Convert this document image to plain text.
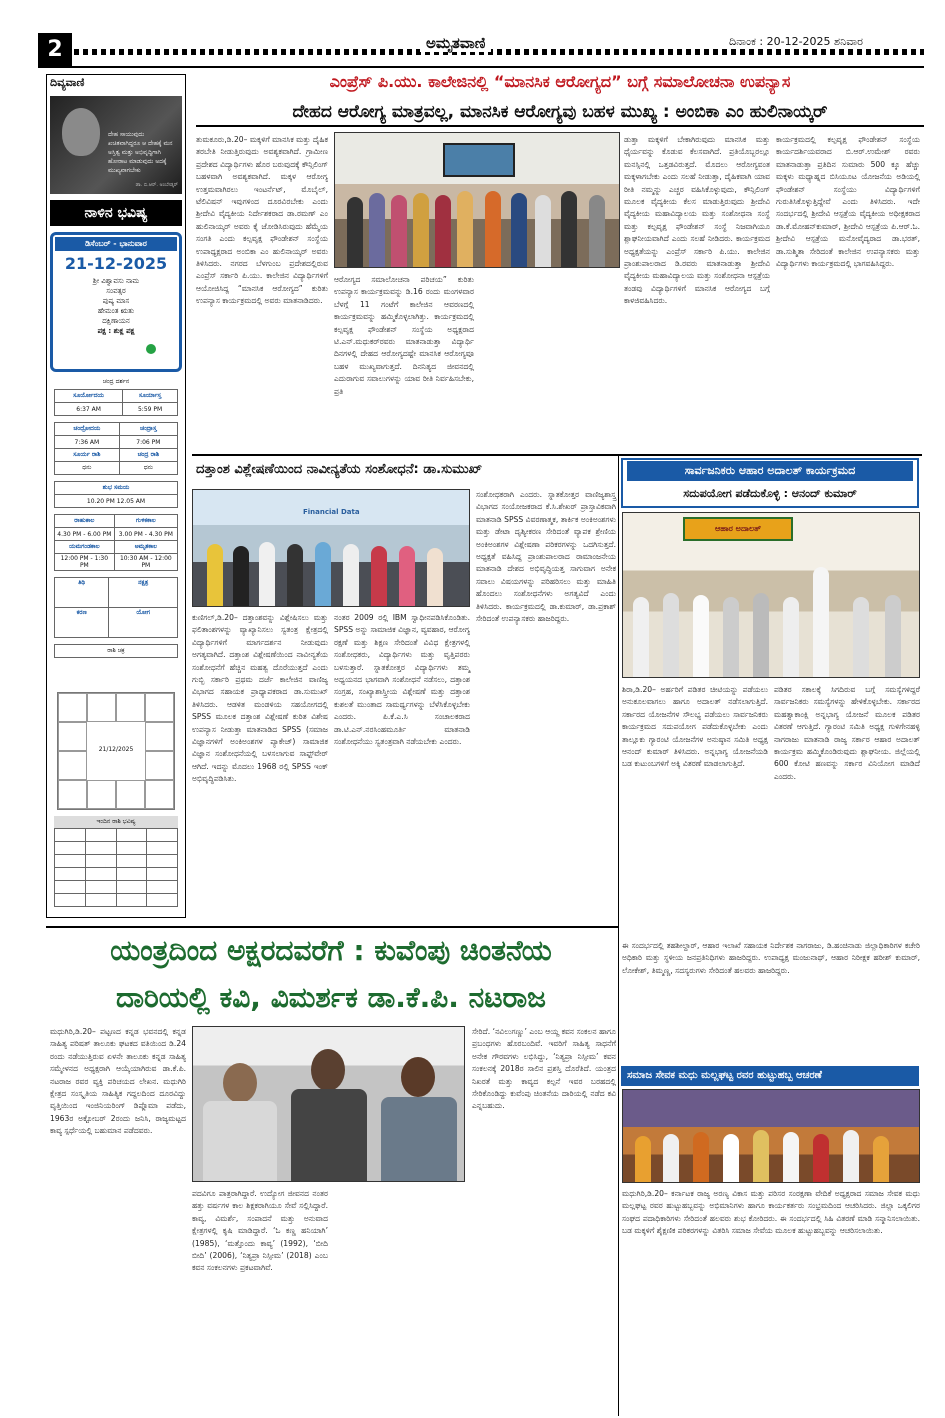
2	ಅಮೃತವಾಣಿ	ದಿನಾಂಕ : 20-12-2025 ಶನಿವಾರ
ದಿವ್ಯವಾಣಿ
ದೇಹ ಸಾಯುವುದು ಖಚಿತವಾಗಿದ್ದರೂ ಆ ದೇಹಕ್ಕೆ ಮನ ಅಸ್ತಿತ್ವ ಮತ್ತು ಅಭಿವೃದ್ಧಿಗಾಗಿ ಹೋರಾಟ ಮಾಡುವುದು ಅದಕ್ಕೆ ಮುಖ್ಯವಾಗಬೇಕು
ಡಾ. ಬಿ.ಆರ್. ಅಂಬೇಡ್ಕರ್
ನಾಳಿನ ಭವಿಷ್ಯ
ಡಿಸೆಂಬರ್ - ಭಾನುವಾರ
21-12-2025
ಶ್ರೀ ವಿಶ್ವಾವಸು ನಾಮ
ಸಂವತ್ಸರ
ಪುಷ್ಯ ಮಾಸ
ಹೇಮಂತ ಋತು
ದಕ್ಷಿಣಾಯನ
ಪಕ್ಷ : ಶುಕ್ಲ ಪಕ್ಷ
ಚಂದ್ರ ದರ್ಶನ
ಸೂರ್ಯೋದಯ	ಸೂರ್ಯಾಸ್ತ
6:37 AM	5:59 PM
ಚಂದ್ರೋದಯ	ಚಂದ್ರಾಸ್ತ
7:36 AM	7:06 PM
ಸೂರ್ಯ ರಾಶಿ	ಚಂದ್ರ ರಾಶಿ
ಧನು	ಧನು
ಶುಭ ಸಮಯ
10.20 PM 12.05 AM
ರಾಹುಕಾಲ	ಗುಳಿಕಕಾಲ
4.30 PM - 6.00 PM	3.00 PM - 4.30 PM
ಯಮಗಂಡಕಾಲ	ಅಮೃತಕಾಲ
12:00 PM - 1:30 PM	10:30 AM - 12:00 PM
ತಿಥಿ	ನಕ್ಷತ್ರ
ಕರಣ	ಯೋಗ
ರಾಶಿ ಚಕ್ರ
21/12/2025
ಇಂದಿನ ರಾಶಿ ಭವಿಷ್ಯ

ಎಂಪ್ರೆಸ್ ಪಿ.ಯು. ಕಾಲೇಜಿನಲ್ಲಿ “ಮಾನಸಿಕ ಆರೋಗ್ಯದ” ಬಗ್ಗೆ ಸಮಾಲೋಚನಾ ಉಪನ್ಯಾಸ
ದೇಹದ ಆರೋಗ್ಯ ಮಾತ್ರವಲ್ಲ, ಮಾನಸಿಕ ಆರೋಗ್ಯವು ಬಹಳ ಮುಖ್ಯ : ಅಂಬಿಕಾ ಎಂ ಹುಲಿನಾಯ್ಕರ್
ತುಮಕೂರು,ಡಿ.20– ಮಕ್ಕಳಿಗೆ ಮಾನಸಿಕ ಮತ್ತು ದೈಹಿಕ ತರಬೇತಿ ನೀಡುತ್ತಿರುವುದು ಅವಶ್ಯಕವಾಗಿದೆ. ಗ್ರಾಮೀಣ ಪ್ರದೇಶದ ವಿದ್ಯಾರ್ಥಿಗಳು ಹೊರ ಬರುವುದಕ್ಕೆ ಕೌನ್ಸಿಲಿಂಗ್ ಬಹಳವಾಗಿ ಅವಶ್ಯಕವಾಗಿದೆ. ಮಕ್ಕಳ ಆರೋಗ್ಯ ಉತ್ತಮವಾಗಿರಲು ಇಂಟರ್ನೆಟ್, ಮೊಬೈಲ್, ಟೆಲಿವಿಷನ್ ಇವುಗಳಿಂದ ದೂರವಿರಬೇಕು ಎಂದು ಶ್ರೀದೇವಿ ವೈದ್ಯಕೀಯ ನಿರ್ದೇಶಕರಾದ ಡಾ.ರಮಣ್ ಎಂ ಹುಲಿನಾಯ್ಕರ್ ಅವರು ಕೈ ಜೋಡಿಸಿರುವುದು ಹೆಮ್ಮೆಯ ಸಂಗತಿ ಎಂದು ಕಲ್ಪವೃಕ್ಷ ಫೌಂಡೇಶನ್ ಸಂಸ್ಥೆಯ ಉಪಾಧ್ಯಕ್ಷರಾದ ಅಂಬಿಕಾ ಎಂ ಹುಲಿನಾಯ್ಕರ್ ಅವರು ತಿಳಿಸಿದರು. ನಗರದ ಬೆಳಗುಂಬ ಪ್ರದೇಶದಲ್ಲಿರುವ ಎಂಪ್ರೆಸ್ ಸರ್ಕಾರಿ ಪಿ.ಯು. ಕಾಲೇಜಿನ ವಿದ್ಯಾರ್ಥಿಗಳಿಗೆ ಆಯೋಜಿಸಿದ್ದ “ಮಾನಸಿಕ ಆರೋಗ್ಯದ” ಕುರಿತು ಉಪನ್ಯಾಸ ಕಾರ್ಯಕ್ರಮದಲ್ಲಿ ಅವರು ಮಾತನಾಡಿದರು.
ಆರೋಗ್ಯದ ಸಮಾಲೋಚನಾ ಪರಿಚಯ” ಕುರಿತು ಉಪನ್ಯಾಸ ಕಾರ್ಯಕ್ರಮವನ್ನು ಡಿ.16 ರಂದು ಮಂಗಳವಾರ ಬೆಳಗ್ಗೆ 11 ಗಂಟೆಗೆ ಕಾಲೇಜಿನ ಆವರಣದಲ್ಲಿ ಕಾರ್ಯಕ್ರಮವನ್ನು ಹಮ್ಮಿಕೊಳ್ಳಲಾಗಿತ್ತು. ಕಾರ್ಯಕ್ರಮದಲ್ಲಿ ಕಲ್ಪವೃಕ್ಷ ಫೌಂಡೇಶನ್ ಸಂಸ್ಥೆಯ ಅಧ್ಯಕ್ಷರಾದ ಟಿ.ಎನ್.ಮಧುಕರ್‌ರವರು ಮಾತನಾಡುತ್ತಾ ವಿದ್ಯಾರ್ಥಿ ದಿನಗಳಲ್ಲಿ ದೇಹದ ಆರೋಗ್ಯದಷ್ಟೇ ಮಾನಸಿಕ ಆರೋಗ್ಯವೂ ಬಹಳ ಮುಖ್ಯವಾಗುತ್ತದೆ. ದಿನನಿತ್ಯದ ಜೀವನದಲ್ಲಿ ಎದುರಾಗುವ ಸವಾಲುಗಳನ್ನು ಯಾವ ರೀತಿ ನಿರ್ವಹಿಸಬೇಕು, ಪ್ರತಿ
ಡುತ್ತಾ ಮಕ್ಕಳಿಗೆ ಬೇಕಾಗಿರುವುದು ಮಾನಸಿಕ ಮತ್ತು ಧೈರ್ಯವನ್ನು ಕೊಡುವ ಕೆಲಸವಾಗಿದೆ. ಪ್ರತಿಯೊಬ್ಬರಲ್ಲೂ ಮನಸ್ಸಿನಲ್ಲಿ ಒತ್ತಡವಿರುತ್ತದೆ. ಮೊದಲು ಆರೋಗ್ಯವಂತ ಮಕ್ಕಳಾಗಬೇಕು ಎಂದು ಸಲಹೆ ನೀಡುತ್ತಾ, ದೈಹಿಕವಾಗಿ ಯಾವ ರೀತಿ ನಮ್ಮನ್ನು ಎಚ್ಚರ ವಹಿಸಿಕೊಳ್ಳುವುದು, ಕೌನ್ಸಿಲಿಂಗ್ ಮೂಲಕ ವೈದ್ಯಕೀಯ ಕೆಲಸ ಮಾಡುತ್ತಿರುವುದು ಶ್ರೀದೇವಿ ವೈದ್ಯಕೀಯ ಮಹಾವಿದ್ಯಾಲಯ ಮತ್ತು ಸಂಶೋಧನಾ ಸಂಸ್ಥೆ ಮತ್ತು ಕಲ್ಪವೃಕ್ಷ ಫೌಂಡೇಶನ್ ಸಂಸ್ಥೆ ನಿಜವಾಗಿಯೂ ಶ್ಲಾಘನೀಯವಾಗಿದೆ ಎಂದು ಸಲಹೆ ನೀಡಿದರು. ಕಾರ್ಯಕ್ರಮದ ಅಧ್ಯಕ್ಷತೆಯನ್ನು ಎಂಪ್ರೆಸ್ ಸರ್ಕಾರಿ ಪಿ.ಯು. ಕಾಲೇಜಿನ ಪ್ರಾಂಶುಪಾಲರಾದ ಡಿ.ರವರು ಮಾತನಾಡುತ್ತಾ ಶ್ರೀದೇವಿ ವೈದ್ಯಕೀಯ ಮಹಾವಿದ್ಯಾಲಯ ಮತ್ತು ಸಂಶೋಧನಾ ಆಸ್ಪತ್ರೆಯ ತಂಡವು ವಿದ್ಯಾರ್ಥಿಗಳಿಗೆ ಮಾನಸಿಕ ಆರೋಗ್ಯದ ಬಗ್ಗೆ ಕಾಳಜಿವಹಿಸಿದರು.
ಕಾರ್ಯಕ್ರಮದಲ್ಲಿ ಕಲ್ಪವೃಕ್ಷ ಫೌಂಡೇಶನ್ ಸಂಸ್ಥೆಯ ಕಾರ್ಯದರ್ಶಿಯವರಾದ ಬಿ.ಆರ್.ಉಮೇಶ್ ರವರು ಮಾತನಾಡುತ್ತಾ ಪ್ರತಿದಿನ ಸುಮಾರು 500 ಕ್ಕೂ ಹೆಚ್ಚು ಮಕ್ಕಳು ಮಧ್ಯಾಹ್ನದ ಬಿಸಿಯೂಟ ಯೋಜನೆಯ ಅಡಿಯಲ್ಲಿ ಫೌಂಡೇಶನ್ ಸಂಸ್ಥೆಯು ವಿದ್ಯಾರ್ಥಿಗಳಿಗೆ ಗುರುತಿಸಿಕೊಳ್ಳುತ್ತಿದ್ದೇವೆ ಎಂದು ತಿಳಿಸಿದರು. ಇದೇ ಸಂದರ್ಭದಲ್ಲಿ ಶ್ರೀದೇವಿ ಆಸ್ಪತ್ರೆಯ ವೈದ್ಯಕೀಯ ಅಧೀಕ್ಷಕರಾದ ಡಾ.ಕೆ.ಮೋಹನ್‌ಕುಮಾರ್, ಶ್ರೀದೇವಿ ಆಸ್ಪತ್ರೆಯ ಪಿ.ಆರ್.ಓ. ಶ್ರೀದೇವಿ ಆಸ್ಪತ್ರೆಯ ಮನೋವೈದ್ಯರಾದ ಡಾ.ಭರತ್, ಡಾ.ಸುಶ್ಮಿತಾ ಸೇರಿದಂತೆ ಕಾಲೇಜಿನ ಉಪನ್ಯಾಸಕರು ಮತ್ತು ವಿದ್ಯಾರ್ಥಿಗಳು ಕಾರ್ಯಕ್ರಮದಲ್ಲಿ ಭಾಗವಹಿಸಿದ್ದರು.
ದತ್ತಾಂಶ ವಿಶ್ಲೇಷಣೆಯಿಂದ ನಾವೀನ್ಯತೆಯ ಸಂಶೋಧನೆ: ಡಾ.ಸುಮುಖ್
Financial Data
ಸಂಶೋಧಕರಾಗಿ ಎಂದರು. ಸ್ನಾತಕೋತ್ತರ ವಾಣಿಜ್ಯಶಾಸ್ತ್ರ ವಿಭಾಗದ ಸಂಯೋಜಕರಾದ ಕೆ.ಸಿ.ಶೇಖರ್ ಪ್ರಾಸ್ತಾವಿಕವಾಗಿ ಮಾತನಾಡಿ SPSS ವಿವರಣಾತ್ಮಕ, ತಾರ್ಕಿಕ ಅಂಕಿಅಂಶಗಳು ಮತ್ತು ಡೇಟಾ ದೃಶ್ಯೀಕರಣ ಸೇರಿದಂತೆ ವ್ಯಾಪಕ ಶ್ರೇಣಿಯ ಅಂಕಿಅಂಶಗಳ ವಿಶ್ಲೇಷಣಾ ಪರಿಕರಗಳನ್ನು ಒದಗಿಸುತ್ತದೆ. ಅಧ್ಯಕ್ಷತೆ ವಹಿಸಿದ್ದ ಪ್ರಾಂಶುಪಾಲರಾದ ರಾಮಾಂಜನೇಯ ಮಾತನಾಡಿ ದೇಶದ ಅಭಿವೃದ್ಧಿಯತ್ತ ಸಾಗುವಾಗ ಅನೇಕ ಸವಾಲು ವಿಷಯಗಳನ್ನು ಪರಿಹರಿಸಲು ಮತ್ತು ಮಾಹಿತಿ ಹೊಂದಲು ಸಂಶೋಧನೆಗಳು ಅಗತ್ಯವಿದೆ ಎಂದು ತಿಳಿಸಿದರು. ಕಾರ್ಯಕ್ರಮದಲ್ಲಿ ಡಾ.ಕುಮಾರ್, ಡಾ.ಪ್ರಕಾಶ್ ಸೇರಿದಂತೆ ಉಪನ್ಯಾಸಕರು ಹಾಜರಿದ್ದರು.
ಕುಣಿಗಲ್,ಡಿ.20– ದತ್ತಾಂಶವನ್ನು ವಿಶ್ಲೇಷಿಸಲು ಮತ್ತು ಫಲಿತಾಂಶಗಳನ್ನು ವ್ಯಾಖ್ಯಾನಿಸಲು ಸ್ವತಂತ್ರ ಕ್ಷೇತ್ರದಲ್ಲಿ ವಿದ್ಯಾರ್ಥಿಗಳಿಗೆ ಮಾರ್ಗದರ್ಶನ ನೀಡುವುದು ಅಗತ್ಯವಾಗಿದೆ. ದತ್ತಾಂಶ ವಿಶ್ಲೇಷಣೆಯಿಂದ ನಾವೀನ್ಯತೆಯ ಸಂಶೋಧನೆಗೆ ಹೆಚ್ಚಿನ ಮಹತ್ವ ದೊರೆಯುತ್ತದೆ ಎಂದು ಗುಬ್ಬಿ ಸರ್ಕಾರಿ ಪ್ರಥಮ ದರ್ಜೆ ಕಾಲೇಜಿನ ವಾಣಿಜ್ಯ ವಿಭಾಗದ ಸಹಾಯಕ ಪ್ರಾಧ್ಯಾಪಕರಾದ ಡಾ.ಸುಮುಖ್ ತಿಳಿಸಿದರು. ಆಡಳಿತ ಮಂಡಳಿಯ ಸಹಯೋಗದಲ್ಲಿ SPSS ಮೂಲಕ ದತ್ತಾಂಶ ವಿಶ್ಲೇಷಣೆ ಕುರಿತ ವಿಶೇಷ ಉಪನ್ಯಾಸ ನೀಡುತ್ತಾ ಮಾತನಾಡಿದ SPSS (ಸಮಾಜ ವಿಜ್ಞಾನಗಳಿಗೆ ಅಂಕಿಅಂಶಗಳ ಪ್ಯಾಕೇಜ್) ಸಾಮಾಜಿಕ ವಿಜ್ಞಾನ ಸಂಶೋಧನೆಯಲ್ಲಿ ಬಳಸಲಾಗುವ ಸಾಫ್ಟ್‌ವೇರ್ ಆಗಿದೆ. ಇದನ್ನು ಮೊದಲು 1968 ರಲ್ಲಿ SPSS ಇಂಕ್ ಅಭಿವೃದ್ಧಿಪಡಿಸಿತು.
ನಂತರ 2009 ರಲ್ಲಿ IBM ಸ್ವಾಧೀನಪಡಿಸಿಕೊಂಡಿತು. SPSS ಅನ್ನು ಸಾಮಾಜಿಕ ವಿಜ್ಞಾನ, ವ್ಯವಹಾರ, ಆರೋಗ್ಯ ರಕ್ಷಣೆ ಮತ್ತು ಶಿಕ್ಷಣ ಸೇರಿದಂತೆ ವಿವಿಧ ಕ್ಷೇತ್ರಗಳಲ್ಲಿ ಸಂಶೋಧಕರು, ವಿದ್ಯಾರ್ಥಿಗಳು ಮತ್ತು ವೃತ್ತಿಪರರು ಬಳಸುತ್ತಾರೆ. ಸ್ನಾತಕೋತ್ತರ ವಿದ್ಯಾರ್ಥಿಗಳು ತಮ್ಮ ಅಧ್ಯಯನದ ಭಾಗವಾಗಿ ಸಂಶೋಧನೆ ನಡೆಸಲು, ದತ್ತಾಂಶ ಸಂಗ್ರಹ, ಸಂಖ್ಯಾಶಾಸ್ತ್ರೀಯ ವಿಶ್ಲೇಷಣೆ ಮತ್ತು ದತ್ತಾಂಶ ಕುಶಲತೆ ಮುಂತಾದ ಸಾಮರ್ಥ್ಯಗಳನ್ನು ಬೆಳೆಸಿಕೊಳ್ಳಬೇಕು ಎಂದರು. ಪಿ.ಕೆ.ಎ.ಸಿ ಸಂಚಾಲಕರಾದ ಡಾ.ಟಿ.ಎನ್.ನರಸಿಂಹಮೂರ್ತಿ ಮಾತನಾಡಿ ಸಂಶೋಧನೆಯು ಸ್ವತಂತ್ರವಾಗಿ ನಡೆಯಬೇಕು ಎಂದರು.
ಸಾರ್ವಜನಿಕರು ಆಹಾರ ಅದಾಲತ್ ಕಾರ್ಯಕ್ರಮದ
ಸದುಪಯೋಗ ಪಡೆದುಕೊಳ್ಳಿ : ಆನಂದ್ ಕುಮಾರ್
ಆಹಾರ ಅದಾಲತ್
ಶಿರಾ,ಡಿ.20– ಅರ್ಹರಿಗೆ ಪಡಿತರ ಚೀಟಿಯನ್ನು ಪಡೆಯಲು ಅನುಕೂಲವಾಗಲು ಹಾಗೂ ಅದಾಲತ್ ನಡೆಸಲಾಗುತ್ತಿದೆ. ಸರ್ಕಾರದ ಯೋಜನೆಗಳ ಸೌಲಭ್ಯ ಪಡೆಯಲು ಸಾರ್ವಜನಿಕರು ಕಾರ್ಯಕ್ರಮದ ಸದುಪಯೋಗ ಪಡೆದುಕೊಳ್ಳಬೇಕು ಎಂದು ತಾಲ್ಲೂಕು ಗ್ಯಾರಂಟಿ ಯೋಜನೆಗಳ ಅನುಷ್ಠಾನ ಸಮಿತಿ ಅಧ್ಯಕ್ಷ ಆನಂದ್ ಕುಮಾರ್ ತಿಳಿಸಿದರು. ಅನ್ನಭಾಗ್ಯ ಯೋಜನೆಯಡಿ ಬಡ ಕುಟುಂಬಗಳಿಗೆ ಅಕ್ಕಿ ವಿತರಣೆ ಮಾಡಲಾಗುತ್ತಿದೆ.
ಪಡಿತರ ಸಕಾಲಕ್ಕೆ ಸಿಗದಿರುವ ಬಗ್ಗೆ ಸಮಸ್ಯೆಗಳಿದ್ದರೆ ಸಾರ್ವಜನಿಕರು ಸಮಸ್ಯೆಗಳನ್ನು ಹೇಳಿಕೊಳ್ಳಬೇಕು. ಸರ್ಕಾರದ ಮಹತ್ವಾಕಾಂಕ್ಷಿ ಅನ್ನಭಾಗ್ಯ ಯೋಜನೆ ಮೂಲಕ ಪಡಿತರ ವಿತರಣೆ ಆಗುತ್ತಿದೆ. ಗ್ಯಾರಂಟಿ ಸಮಿತಿ ಅಧ್ಯಕ್ಷ ಗುಳಿಗೇನಹಳ್ಳಿ ನಾಗರಾಜು ಮಾತನಾಡಿ ರಾಜ್ಯ ಸರ್ಕಾರ ಆಹಾರ ಅದಾಲತ್ ಕಾರ್ಯಕ್ರಮ ಹಮ್ಮಿಕೊಂಡಿರುವುದು ಶ್ಲಾಘನೀಯ. ಜಿಲ್ಲೆಯಲ್ಲಿ 600 ಕೋಟಿ ಹಣವನ್ನು ಸರ್ಕಾರ ವಿನಿಯೋಗ ಮಾಡಿದೆ ಎಂದರು.
ಈ ಸಂದರ್ಭದಲ್ಲಿ ತಹಶೀಲ್ದಾರ್, ಆಹಾರ ಇಲಾಖೆ ಸಹಾಯಕ ನಿರ್ದೇಶಕ ನಾಗರಾಜು, ಡಿ.ಹಂಚಿನಾಡು ಜಿಲ್ಲಾಧಿಕಾರಿಗಳ ಕಚೇರಿ ಅಧಿಕಾರಿ ಮತ್ತು ಸ್ಥಳೀಯ ಜನಪ್ರತಿನಿಧಿಗಳು ಹಾಜರಿದ್ದರು. ಉಪಾಧ್ಯಕ್ಷ ಮಂಜುನಾಥ್, ಆಹಾರ ನಿರೀಕ್ಷಕ ಹರೀಶ್ ಕುಮಾರ್, ಲೋಕೇಶ್, ತಿಮ್ಮಣ್ಣ, ಸದಸ್ಯರುಗಳು ಸೇರಿದಂತೆ ಹಲವರು ಹಾಜರಿದ್ದರು.
ಯಂತ್ರದಿಂದ ಅಕ್ಷರದವರೆಗೆ : ಕುವೆಂಪು ಚಿಂತನೆಯ
ದಾರಿಯಲ್ಲಿ ಕವಿ, ವಿಮರ್ಶಕ ಡಾ.ಕೆ.ಪಿ. ನಟರಾಜ
ಮಧುಗಿರಿ,ಡಿ.20– ಪಟ್ಟಣದ ಕನ್ನಡ ಭವನದಲ್ಲಿ ಕನ್ನಡ ಸಾಹಿತ್ಯ ಪರಿಷತ್ ತಾಲೂಕು ಘಟಕದ ವತಿಯಿಂದ ಡಿ.24 ರಂದು ನಡೆಯುತ್ತಿರುವ ಏಳನೇ ತಾಲೂಕು ಕನ್ನಡ ಸಾಹಿತ್ಯ ಸಮ್ಮೇಳನದ ಅಧ್ಯಕ್ಷರಾಗಿ ಆಯ್ಕೆಯಾಗಿರುವ ಡಾ.ಕೆ.ಪಿ. ನಟರಾಜ ರವರ ವ್ಯಕ್ತಿ ಪರಿಚಯದ ಲೇಖನ. ಮಧುಗಿರಿ ಕ್ಷೇತ್ರದ ಸಂಸ್ಕೃತಿಯ ಸಾಹಿತ್ಯಿಕ ಗದ್ದಲದಿಂದ ದೂರವಿದ್ದು ವೃತ್ತಿಯಿಂದ ಇಂಜಿನಿಯರಿಂಗ್ ಡಿಪ್ಲೊಮಾ ಪಡೆದು, 1963ರ ಅಕ್ಟೋಬರ್ 2ರಂದು ಜನಿಸಿ, ರಾಜ್ಯಮಟ್ಟದ ಕಾವ್ಯ ಸ್ಪರ್ಧೆಯಲ್ಲಿ ಬಹುಮಾನ ಪಡೆದವರು.
ಪದವಿಗೂ ಪಾತ್ರರಾಗಿದ್ದಾರೆ. ಉದ್ಯೋಗ ಜೀವನದ ನಂತರ ಹತ್ತು ವರ್ಷಗಳ ಕಾಲ ಶಿಕ್ಷಕರಾಗಿಯೂ ಸೇವೆ ಸಲ್ಲಿಸಿದ್ದಾರೆ. ಕಾವ್ಯ, ವಿಮರ್ಶೆ, ಸಂಪಾದನೆ ಮತ್ತು ಅನುವಾದ ಕ್ಷೇತ್ರಗಳಲ್ಲಿ ಕೃಷಿ ಮಾಡಿದ್ದಾರೆ. ‘ಓ ಕಣ್ಣ ಹನಿಯಾಗಿ’ (1985), ‘ಮತ್ತೊಂದು ಕಾವ್ಯ’ (1992), ‘ಬೀದಿ ಬೀದಿ’ (2006), ‘ನಿತ್ಯಪ್ರಾ ನಿಸ್ಸೀಮ’ (2018) ಎಂಬ ಕವನ ಸಂಕಲನಗಳು ಪ್ರಕಟವಾಗಿವೆ.
ಸೇರಿದೆ. ‘ನವಿಲುಗಣ್ಣು’ ಎಂಬ ಆಯ್ದ ಕವನ ಸಂಕಲನ ಹಾಗೂ ಪ್ರಬಂಧಗಳು ಹೊರಬಂದಿವೆ. ಇವರಿಗೆ ಸಾಹಿತ್ಯ ಸಾಧನೆಗೆ ಅನೇಕ ಗೌರವಗಳು ಲಭಿಸಿದ್ದು, ‘ನಿತ್ಯಪ್ರಾ ನಿಸ್ಸೀಮ’ ಕವನ ಸಂಕಲನಕ್ಕೆ 2018ರ ಸಾಲಿನ ಪ್ರಶಸ್ತಿ ದೊರೆತಿದೆ. ಯಂತ್ರದ ನಿಖರತೆ ಮತ್ತು ಕಾವ್ಯದ ಕಲ್ಪನೆ ಇವರ ಬರಹದಲ್ಲಿ ಸೇರಿಕೊಂಡಿದ್ದು ಕುವೆಂಪು ಚಿಂತನೆಯ ದಾರಿಯಲ್ಲಿ ನಡೆದ ಕವಿ ಎನ್ನಬಹುದು.
ಸಮಾಜ ಸೇವಕ ಮಧು ಮಲ್ಲಘಟ್ಟ ರವರ ಹುಟ್ಟುಹಬ್ಬ ಆಚರಣೆ
ಮಧುಗಿರಿ,ಡಿ.20– ಕರ್ನಾಟಕ ರಾಜ್ಯ ಅರಣ್ಯ ವಿಕಾಸ ಮತ್ತು ಪರಿಸರ ಸಂರಕ್ಷಣಾ ವೇದಿಕೆ ಅಧ್ಯಕ್ಷರಾದ ಸಮಾಜ ಸೇವಕ ಮಧು ಮಲ್ಲಘಟ್ಟ ರವರ ಹುಟ್ಟುಹಬ್ಬವನ್ನು ಅಭಿಮಾನಿಗಳು ಹಾಗೂ ಕಾರ್ಯಕರ್ತರು ಸಂಭ್ರಮದಿಂದ ಆಚರಿಸಿದರು. ಜಿಲ್ಲಾ ಒಕ್ಕಲಿಗರ ಸಂಘದ ಪದಾಧಿಕಾರಿಗಳು ಸೇರಿದಂತೆ ಹಲವರು ಶುಭ ಕೋರಿದರು. ಈ ಸಂದರ್ಭದಲ್ಲಿ ಸಿಹಿ ವಿತರಣೆ ಮಾಡಿ ಸನ್ಮಾನಿಸಲಾಯಿತು. ಬಡ ಮಕ್ಕಳಿಗೆ ಶೈಕ್ಷಣಿಕ ಪರಿಕರಗಳನ್ನು ವಿತರಿಸಿ ಸಮಾಜ ಸೇವೆಯ ಮೂಲಕ ಹುಟ್ಟುಹಬ್ಬವನ್ನು ಆಚರಿಸಲಾಯಿತು.
